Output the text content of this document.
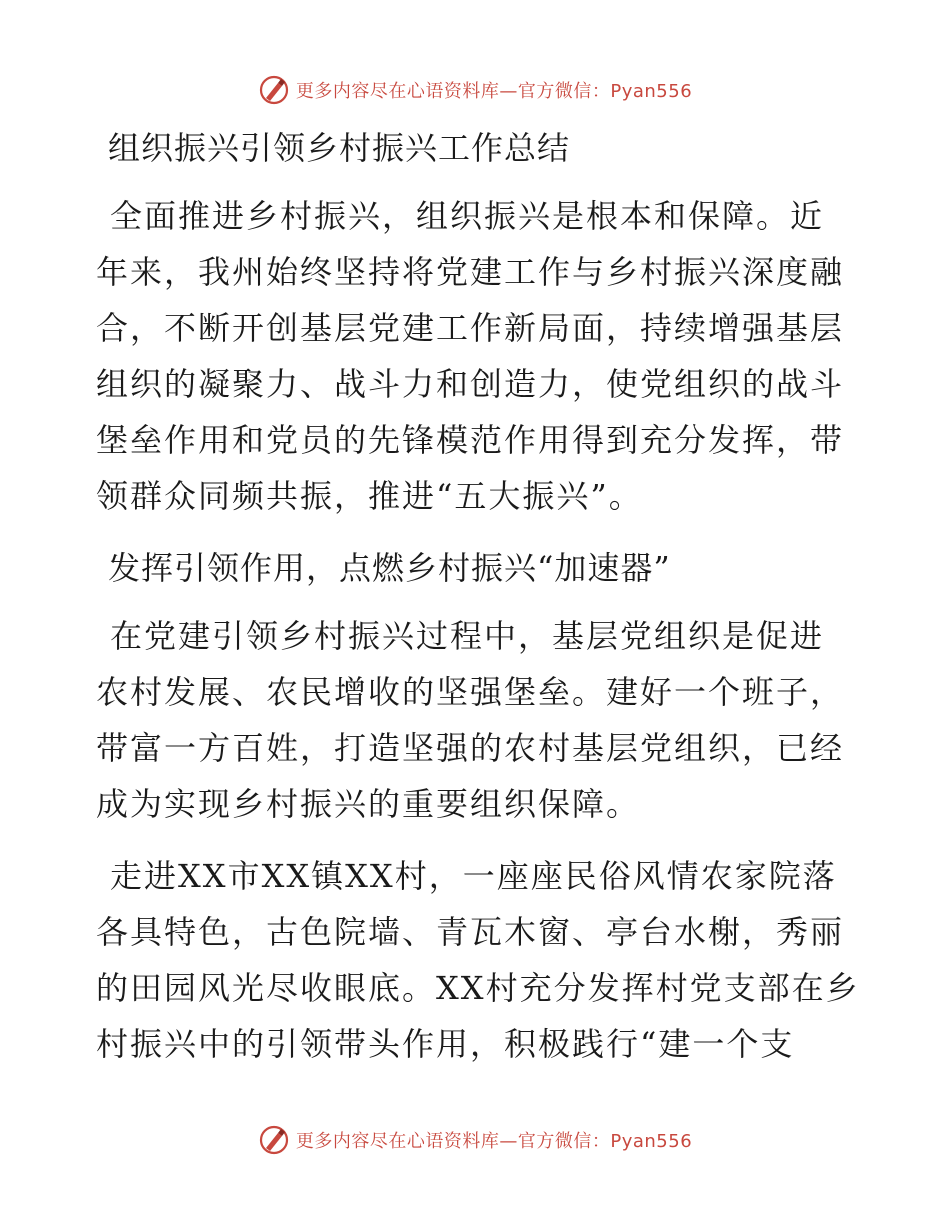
更多内容尽在心语资料库—官方微信：Pyan556
组织振兴引领乡村振兴工作总结
全面推进乡村振兴，组织振兴是根本和保障。近
年来，我州始终坚持将党建工作与乡村振兴深度融
合，不断开创基层党建工作新局面，持续增强基层
组织的凝聚力、战斗力和创造力，使党组织的战斗
堡垒作用和党员的先锋模范作用得到充分发挥，带
领群众同频共振，推进“五大振兴”。
发挥引领作用，点燃乡村振兴“加速器”
在党建引领乡村振兴过程中，基层党组织是促进
农村发展、农民增收的坚强堡垒。建好一个班子，
带富一方百姓，打造坚强的农村基层党组织，已经
成为实现乡村振兴的重要组织保障。
走进XX市XX镇XX村，一座座民俗风情农家院落
各具特色，古色院墙、青瓦木窗、亭台水榭，秀丽
的田园风光尽收眼底。XX村充分发挥村党支部在乡
村振兴中的引领带头作用，积极践行“建一个支
更多内容尽在心语资料库—官方微信：Pyan556
